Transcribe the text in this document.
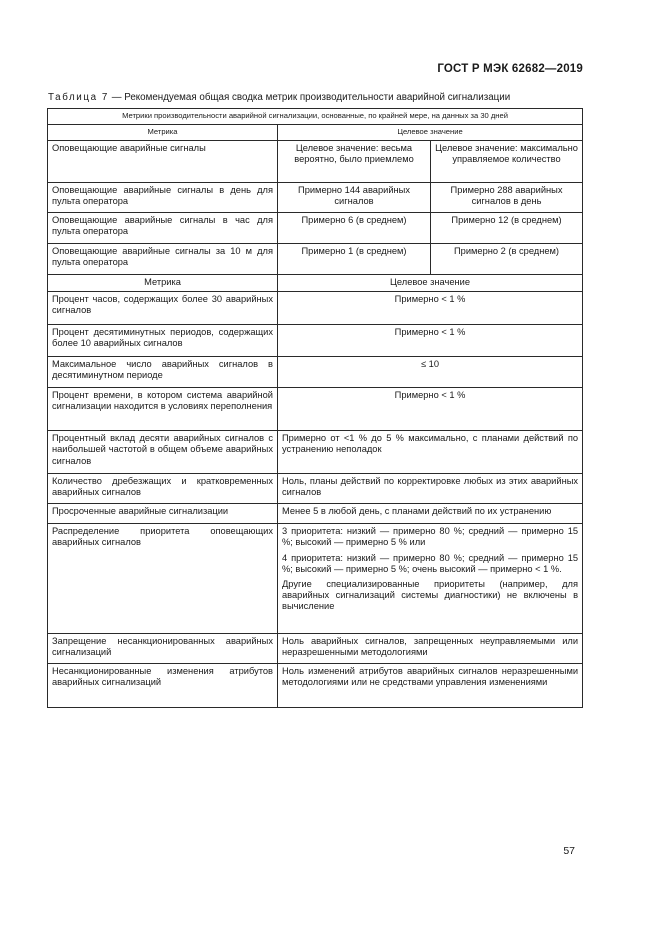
ГОСТ Р МЭК 62682—2019
Таблица 7 — Рекомендуемая общая сводка метрик производительности аварийной сигнализации
Метрики производительности аварийной сигнализации, основанные, по крайней мере, на данных за 30 дней		
Метрика	Целевое значение	
Оповещающие аварийные сигналы	Целевое значение: весьма вероятно, было приемлемо	Целевое значение: максимально управляемое количество
Оповещающие аварийные сигналы в день для пульта оператора	Примерно 144 аварийных сигналов	Примерно 288 аварийных сигналов в день
Оповещающие аварийные сигналы в час для пульта оператора	Примерно 6 (в среднем)	Примерно 12 (в среднем)
Оповещающие аварийные сигналы за 10 м для пульта оператора	Примерно 1 (в среднем)	Примерно 2 (в среднем)
Метрика	Целевое значение	
Процент часов, содержащих более 30 аварийных сигналов	Примерно < 1 %	
Процент десятиминутных периодов, содержащих более 10 аварийных сигналов	Примерно < 1 %	
Максимальное число аварийных сигналов в десятиминутном периоде	≤ 10	
Процент времени, в котором система аварийной сигнализации находится в условиях переполнения	Примерно < 1 %	
Процентный вклад десяти аварийных сигналов с наибольшей частотой в общем объеме аварийных сигналов	Примерно от <1 % до 5 % максимально, с планами действий по устранению неполадок	
Количество дребезжащих и кратковременных аварийных сигналов	Ноль, планы действий по корректировке любых из этих аварийных сигналов	
Просроченные аварийные сигнализации	Менее 5 в любой день, с планами действий по их устранению	
Распределение приоритета оповещающих аварийных сигналов	3 приоритета: низкий — примерно 80 %; средний — примерно 15 %; высокий — примерно 5 % или

4 приоритета: низкий — примерно 80 %; средний — примерно 15 %; высокий — примерно 5 %; очень высокий — примерно < 1 %.

Другие специализированные приоритеты (например, для аварийных сигнализаций системы диагностики) не включены в вычисление	

Запрещение несанкционированных аварийных сигнализаций	Ноль аварийных сигналов, запрещенных неуправляемыми или неразрешенными методологиями	
Несанкционированные изменения атрибутов аварийных сигнализаций	Ноль изменений атрибутов аварийных сигналов неразрешенными методологиями или не средствами управления изменениями	
57
